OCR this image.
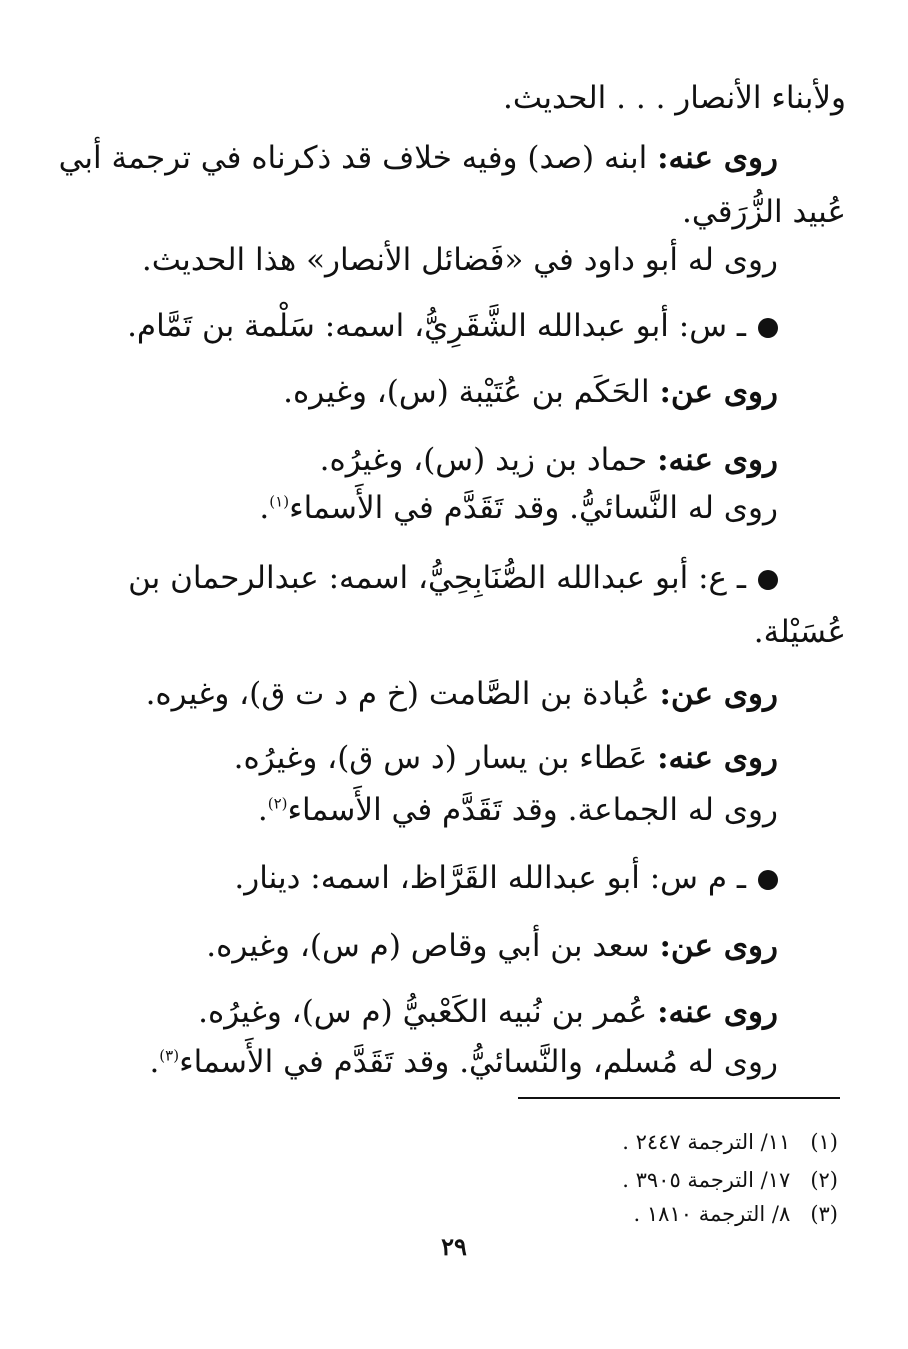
ولأبناء الأنصار . . . الحديث.
روى عنه: ابنه (صد) وفيه خلاف قد ذكرناه في ترجمة أبي
عُبيد الزُّرَقي.
روى له أبو داود في «فَضائل الأنصار» هذا الحديث.
ـ س: أبو عبدالله الشَّقَرِيُّ، اسمه: سَلْمة بن تَمَّام.
روى عن: الحَكَم بن عُتَيْبة (س)، وغيره.
روى عنه: حماد بن زيد (س)، وغيرُه.
روى له النَّسائيُّ. وقد تَقَدَّم في الأَسماء$^{(١)}$.
ـ ع: أبو عبدالله الصُّنَابِحِيُّ، اسمه: عبدالرحمان بن
عُسَيْلة.
روى عن: عُبادة بن الصَّامت (خ م د ت ق)، وغيره.
روى عنه: عَطاء بن يسار (د س ق)، وغيرُه.
روى له الجماعة. وقد تَقَدَّم في الأَسماء$^{(٢)}$.
ـ م س: أبو عبدالله القَرَّاظ، اسمه: دينار.
روى عن: سعد بن أبي وقاص (م س)، وغيره.
روى عنه: عُمر بن نُبيه الكَعْبيُّ (م س)، وغيرُه.
روى له مُسلم، والنَّسائيُّ. وقد تَقَدَّم في الأَسماء$^{(٣)}$.
(١)   ١١/ الترجمة ٢٤٤٧ .
(٢)   ١٧/ الترجمة ٣٩٠٥ .
(٣)   ٨/ الترجمة ١٨١٠ .
٢٩
